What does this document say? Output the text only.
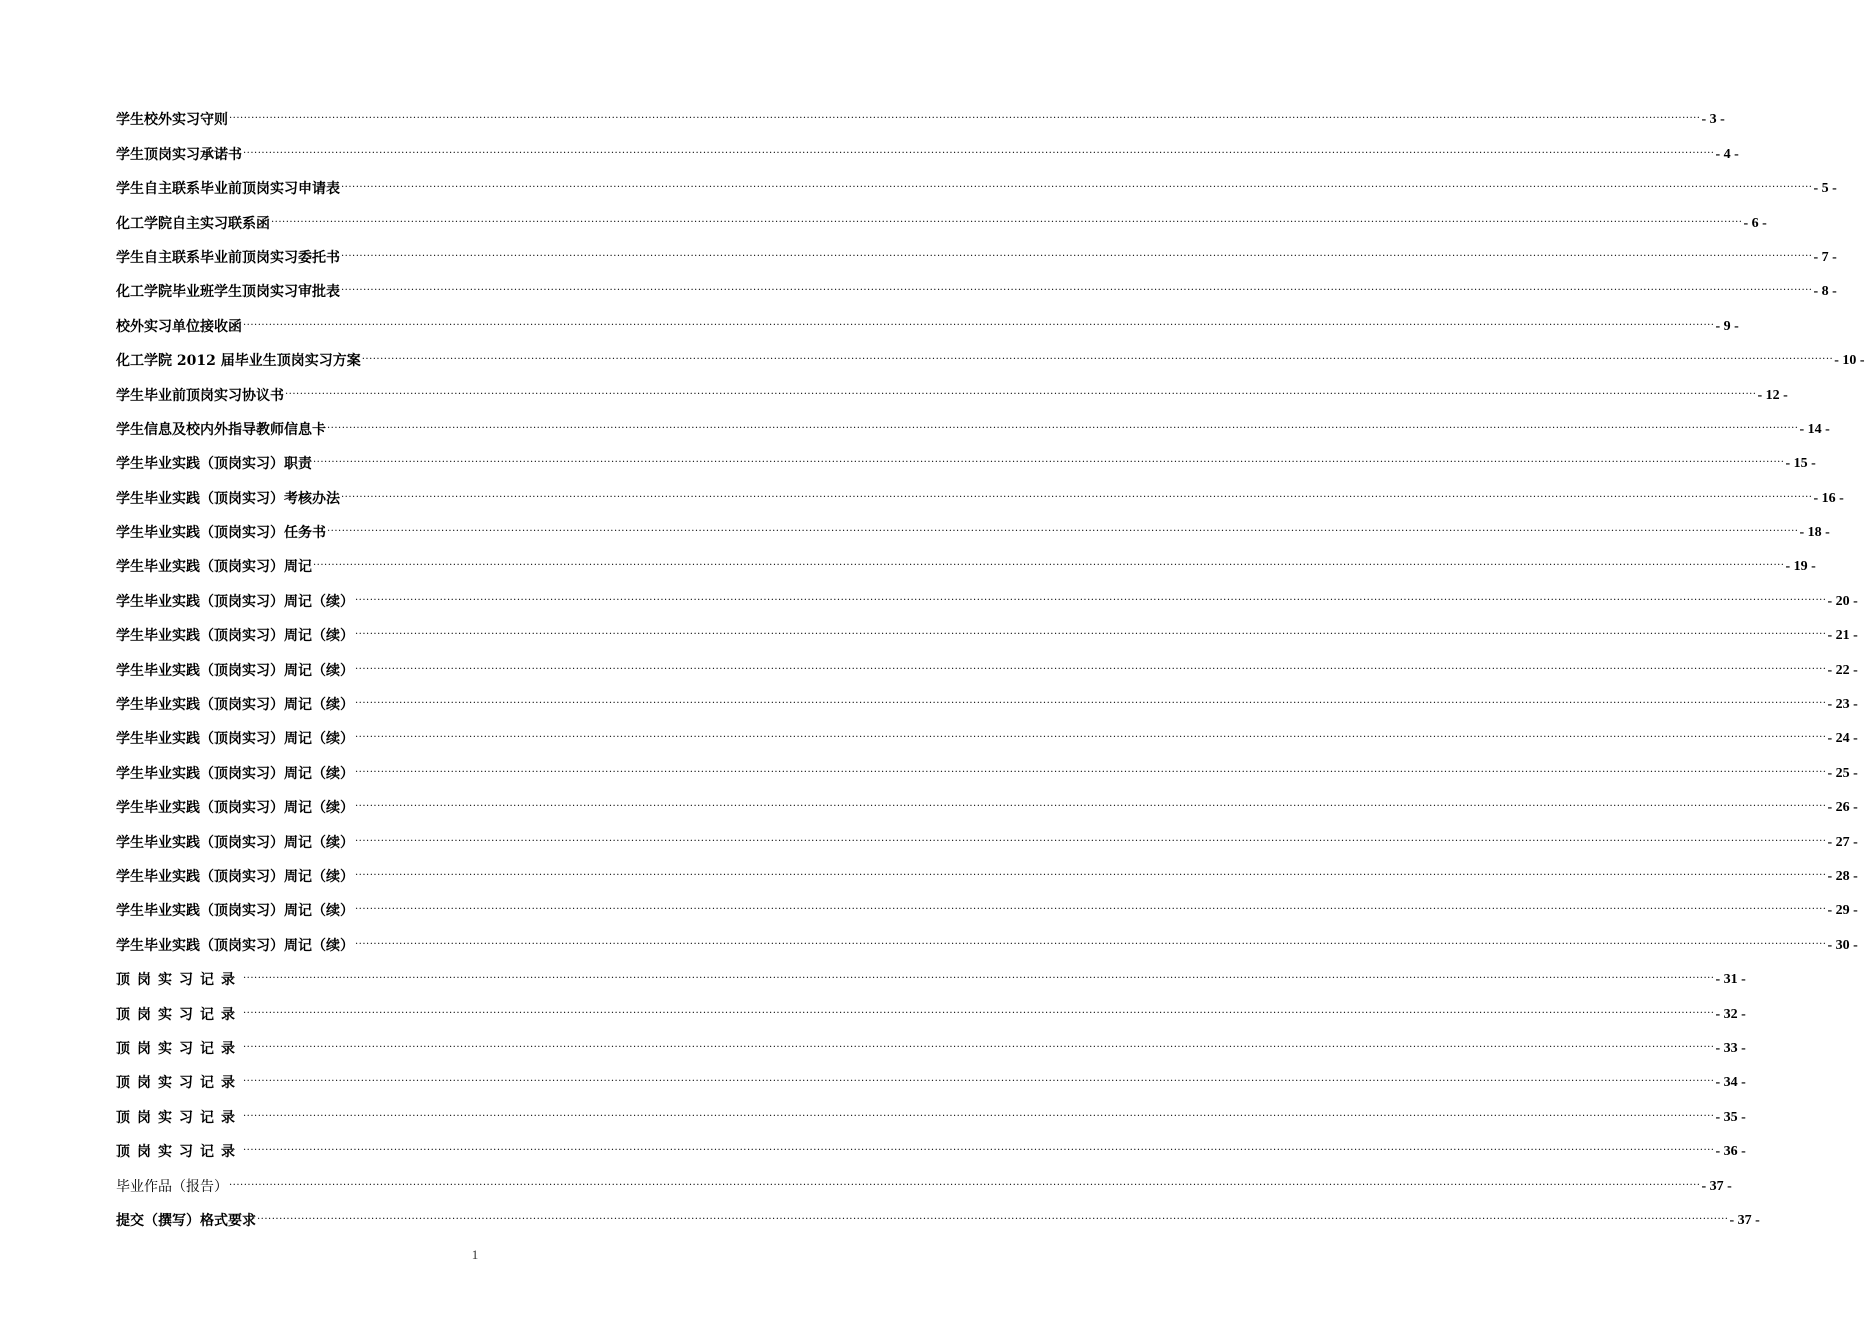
学生校外实习守则 ................................................................................................................................................................................................................................................................................................................................................................................................................ - 3 -
学生顶岗实习承诺书 ................................................................................................................................................................................................................................................................................................................................................................................................................ - 4 -
学生自主联系毕业前顶岗实习申请表 ................................................................................................................................................................................................................................................................................................................................................................................................................ - 5 -
化工学院自主实习联系函 ................................................................................................................................................................................................................................................................................................................................................................................................................ - 6 -
学生自主联系毕业前顶岗实习委托书 ................................................................................................................................................................................................................................................................................................................................................................................................................ - 7 -
化工学院毕业班学生顶岗实习审批表 ................................................................................................................................................................................................................................................................................................................................................................................................................ - 8 -
校外实习单位接收函 ................................................................................................................................................................................................................................................................................................................................................................................................................ - 9 -
化工学院 2012 届毕业生顶岗实习方案 ................................................................................................................................................................................................................................................................................................................................................................................................................ - 10 -
学生毕业前顶岗实习协议书 ................................................................................................................................................................................................................................................................................................................................................................................................................ - 12 -
学生信息及校内外指导教师信息卡 ................................................................................................................................................................................................................................................................................................................................................................................................................ - 14 -
学生毕业实践（顶岗实习）职责 ................................................................................................................................................................................................................................................................................................................................................................................................................ - 15 -
学生毕业实践（顶岗实习）考核办法 ................................................................................................................................................................................................................................................................................................................................................................................................................ - 16 -
学生毕业实践（顶岗实习）任务书 ................................................................................................................................................................................................................................................................................................................................................................................................................ - 18 -
学生毕业实践（顶岗实习）周记 ................................................................................................................................................................................................................................................................................................................................................................................................................ - 19 -
学生毕业实践（顶岗实习）周记（续） ................................................................................................................................................................................................................................................................................................................................................................................................................ - 20 -
学生毕业实践（顶岗实习）周记（续） ................................................................................................................................................................................................................................................................................................................................................................................................................ - 21 -
学生毕业实践（顶岗实习）周记（续） ................................................................................................................................................................................................................................................................................................................................................................................................................ - 22 -
学生毕业实践（顶岗实习）周记（续） ................................................................................................................................................................................................................................................................................................................................................................................................................ - 23 -
学生毕业实践（顶岗实习）周记（续） ................................................................................................................................................................................................................................................................................................................................................................................................................ - 24 -
学生毕业实践（顶岗实习）周记（续） ................................................................................................................................................................................................................................................................................................................................................................................................................ - 25 -
学生毕业实践（顶岗实习）周记（续） ................................................................................................................................................................................................................................................................................................................................................................................................................ - 26 -
学生毕业实践（顶岗实习）周记（续） ................................................................................................................................................................................................................................................................................................................................................................................................................ - 27 -
学生毕业实践（顶岗实习）周记（续） ................................................................................................................................................................................................................................................................................................................................................................................................................ - 28 -
学生毕业实践（顶岗实习）周记（续） ................................................................................................................................................................................................................................................................................................................................................................................................................ - 29 -
学生毕业实践（顶岗实习）周记（续） ................................................................................................................................................................................................................................................................................................................................................................................................................ - 30 -
顶岗实习记录 ................................................................................................................................................................................................................................................................................................................................................................................................................ - 31 -
顶岗实习记录 ................................................................................................................................................................................................................................................................................................................................................................................................................ - 32 -
顶岗实习记录 ................................................................................................................................................................................................................................................................................................................................................................................................................ - 33 -
顶岗实习记录 ................................................................................................................................................................................................................................................................................................................................................................................................................ - 34 -
顶岗实习记录 ................................................................................................................................................................................................................................................................................................................................................................................................................ - 35 -
顶岗实习记录 ................................................................................................................................................................................................................................................................................................................................................................................................................ - 36 -
毕业作品（报告） ................................................................................................................................................................................................................................................................................................................................................................................................................ - 37 -
提交（撰写）格式要求 ................................................................................................................................................................................................................................................................................................................................................................................................................ - 37 -
1
